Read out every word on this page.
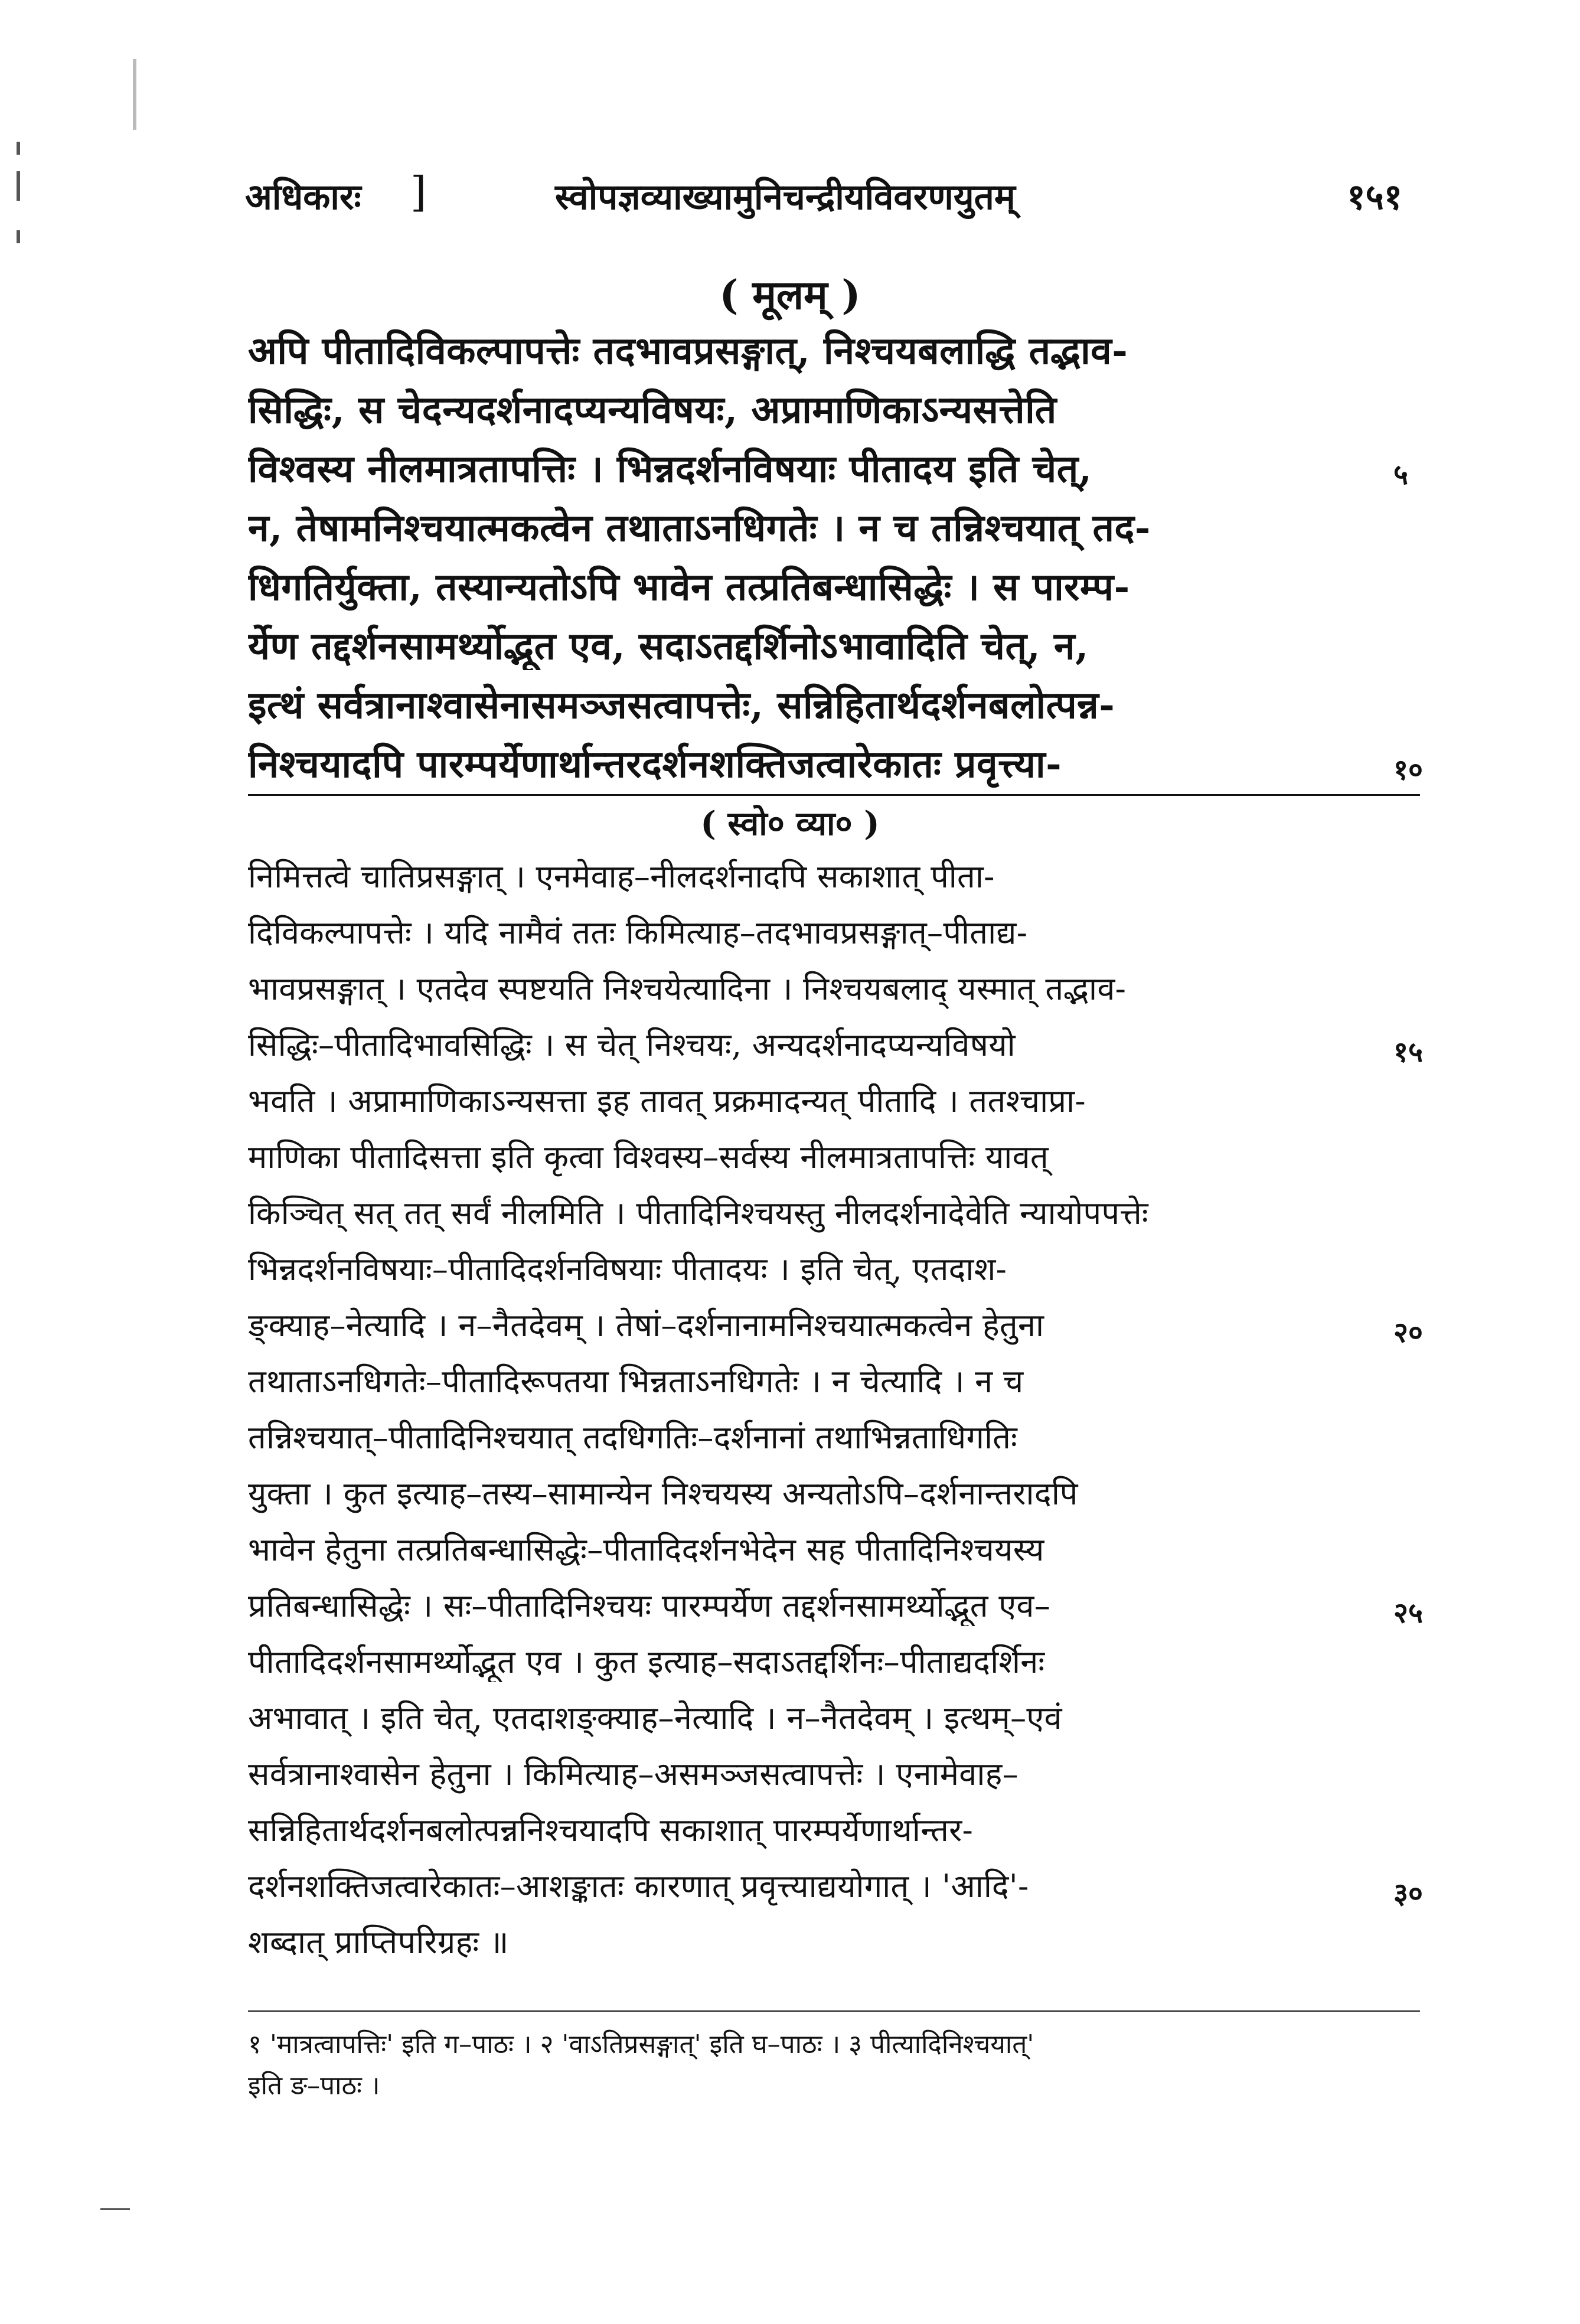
अधिकारः ]	स्वोपज्ञव्याख्यामुनिचन्द्रीयविवरणयुतम्	१५१
( मूलम् )
अपि पीतादिविकल्पापत्तेः तदभावप्रसङ्गात्, निश्चयबलाद्धि तद्भाव-
सिद्धिः, स चेदन्यदर्शनादप्यन्यविषयः, अप्रामाणिकाऽन्यसत्तेति
विश्वस्य नीलमात्रतापत्तिः । भिन्नदर्शनविषयाः पीतादय इति चेत्,
न, तेषामनिश्चयात्मकत्वेन तथाताऽनधिगतेः । न च तन्निश्चयात् तद-
धिगतिर्युक्ता, तस्यान्यतोऽपि भावेन तत्प्रतिबन्धासिद्धेः । स पारम्प-
र्येण तद्दर्शनसामर्थ्योद्भूत एव, सदाऽतद्दर्शिनोऽभावादिति चेत्, न,
इत्थं सर्वत्रानाश्वासेनासमञ्जसत्वापत्तेः, सन्निहितार्थदर्शनबलोत्पन्न-
निश्चयादपि पारम्पर्येणार्थान्तरदर्शनशक्तिजत्वारेकातः प्रवृत्त्या-
५
१०
( स्वो० व्या० )
निमित्तत्वे चातिप्रसङ्गात् । एनमेवाह–नीलदर्शनादपि सकाशात् पीता-
दिविकल्पापत्तेः । यदि नामैवं ततः किमित्याह–तदभावप्रसङ्गात्–पीताद्य-
भावप्रसङ्गात् । एतदेव स्पष्टयति निश्चयेत्यादिना । निश्चयबलाद् यस्मात् तद्भाव-
सिद्धिः–पीतादिभावसिद्धिः । स चेत् निश्चयः, अन्यदर्शनादप्यन्यविषयो
भवति । अप्रामाणिकाऽन्यसत्ता इह तावत् प्रक्रमादन्यत् पीतादि । ततश्चाप्रा-
माणिका पीतादिसत्ता इति कृत्वा विश्वस्य–सर्वस्य नीलमात्रतापत्तिः यावत्
किञ्चित् सत् तत् सर्वं नीलमिति । पीतादिनिश्चयस्तु नीलदर्शनादेवेति न्यायोपपत्तेः
भिन्नदर्शनविषयाः–पीतादिदर्शनविषयाः पीतादयः । इति चेत्, एतदाश-
ङ्क्याह–नेत्यादि । न–नैतदेवम् । तेषां–दर्शनानामनिश्चयात्मकत्वेन हेतुना
तथाताऽनधिगतेः–पीतादिरूपतया भिन्नताऽनधिगतेः । न चेत्यादि । न च
तन्निश्चयात्–पीतादिनिश्चयात् तदधिगतिः–दर्शनानां तथाभिन्नताधिगतिः
युक्ता । कुत इत्याह–तस्य–सामान्येन निश्चयस्य अन्यतोऽपि–दर्शनान्तरादपि
भावेन हेतुना तत्प्रतिबन्धासिद्धेः–पीतादिदर्शनभेदेन सह पीतादिनिश्चयस्य
प्रतिबन्धासिद्धेः । सः–पीतादिनिश्चयः पारम्पर्येण तद्दर्शनसामर्थ्योद्भूत एव–
पीतादिदर्शनसामर्थ्योद्भूत एव । कुत इत्याह–सदाऽतद्दर्शिनः–पीताद्यदर्शिनः
अभावात् । इति चेत्, एतदाशङ्क्याह–नेत्यादि । न–नैतदेवम् । इत्थम्–एवं
सर्वत्रानाश्वासेन हेतुना । किमित्याह–असमञ्जसत्वापत्तेः । एनामेवाह–
सन्निहितार्थदर्शनबलोत्पन्ननिश्चयादपि सकाशात् पारम्पर्येणार्थान्तर-
दर्शनशक्तिजत्वारेकातः–आशङ्कातः कारणात् प्रवृत्त्याद्ययोगात् । 'आदि'-
शब्दात् प्राप्तिपरिग्रहः ॥
१५
२०
२५
३०
१ 'मात्रत्वापत्तिः' इति ग–पाठः । २ 'वाऽतिप्रसङ्गात्' इति घ–पाठः । ३ पीत्यादिनिश्चयात्'
इति ङ–पाठः ।
